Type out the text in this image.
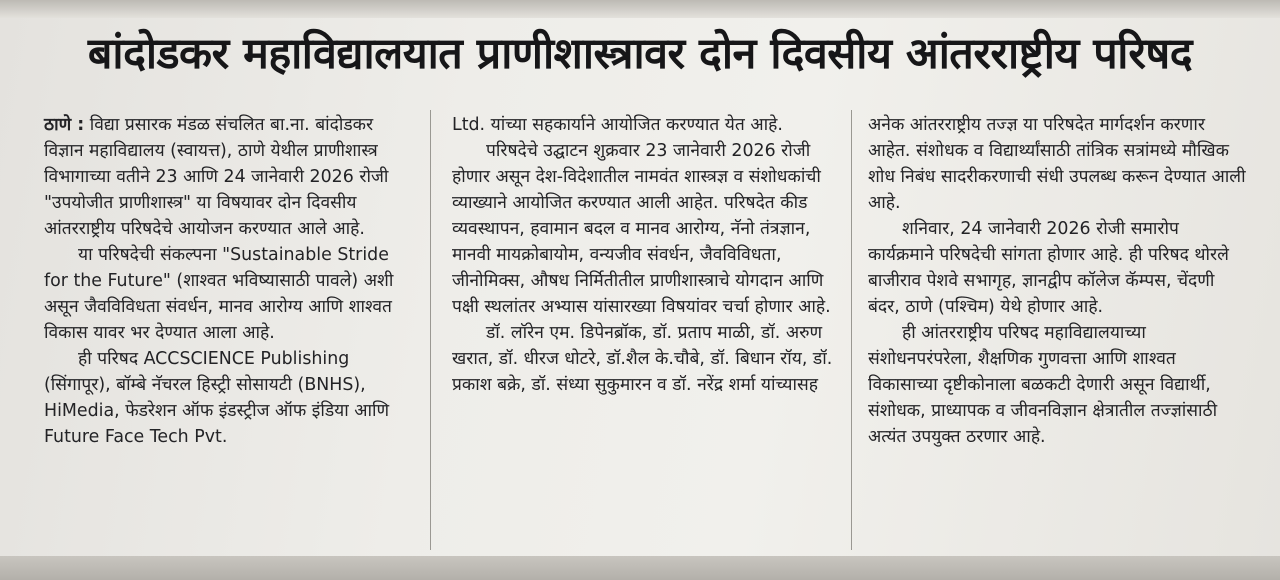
बांदोडकर महाविद्यालयात प्राणीशास्त्रावर दोन दिवसीय आंतरराष्ट्रीय परिषद

ठाणे : विद्या प्रसारक मंडळ संचलित बा.ना. बांदोडकर विज्ञान महाविद्यालय (स्वायत्त), ठाणे येथील प्राणीशास्त्र विभागाच्या वतीने 23 आणि 24 जानेवारी 2026 रोजी "उपयोजीत प्राणीशास्त्र" या विषयावर दोन दिवसीय आंतरराष्ट्रीय परिषदेचे आयोजन करण्यात आले आहे.

या परिषदेची संकल्पना "Sustainable Stride for the Future" (शाश्वत भविष्यासाठी पावले) अशी असून जैवविविधता संवर्धन, मानव आरोग्य आणि शाश्वत विकास यावर भर देण्यात आला आहे.

ही परिषद ACCSCIENCE Publishing (सिंगापूर), बॉम्बे नॅचरल हिस्ट्री सोसायटी (BNHS), HiMedia, फेडरेशन ऑफ इंडस्ट्रीज ऑफ इंडिया आणि Future Face Tech Pvt.

Ltd. यांच्या सहकार्याने आयोजित करण्यात येत आहे.

परिषदेचे उद्घाटन शुक्रवार 23 जानेवारी 2026 रोजी होणार असून देश-विदेशातील नामवंत शास्त्रज्ञ व संशोधकांची व्याख्याने आयोजित करण्यात आली आहेत. परिषदेत कीड व्यवस्थापन, हवामान बदल व मानव आरोग्य, नॅनो तंत्रज्ञान, मानवी मायक्रोबायोम, वन्यजीव संवर्धन, जैवविविधता, जीनोमिक्स, औषध निर्मितीतील प्राणीशास्त्राचे योगदान आणि पक्षी स्थलांतर अभ्यास यांसारख्या विषयांवर चर्चा होणार आहे.

डॉ. लॉरेन एम. डिपेनब्रॉक, डॉ. प्रताप माळी, डॉ. अरुण खरात, डॉ. धीरज धोटरे, डॉ.शैल के.चौबे, डॉ. बिधान रॉय, डॉ. प्रकाश बक्रे, डॉ. संध्या सुकुमारन व डॉ. नरेंद्र शर्मा यांच्यासह

अनेक आंतरराष्ट्रीय तज्ज्ञ या परिषदेत मार्गदर्शन करणार आहेत. संशोधक व विद्यार्थ्यांसाठी तांत्रिक सत्रांमध्ये मौखिक शोध निबंध सादरीकरणाची संधी उपलब्ध करून देण्यात आली आहे.

शनिवार, 24 जानेवारी 2026 रोजी समारोप कार्यक्रमाने परिषदेची सांगता होणार आहे. ही परिषद थोरले बाजीराव पेशवे सभागृह, ज्ञानद्वीप कॉलेज कॅम्पस, चेंदणी बंदर, ठाणे (पश्चिम) येथे होणार आहे.

ही आंतरराष्ट्रीय परिषद महाविद्यालयाच्या संशोधनपरंपरेला, शैक्षणिक गुणवत्ता आणि शाश्वत विकासाच्या दृष्टीकोनाला बळकटी देणारी असून विद्यार्थी, संशोधक, प्राध्यापक व जीवनविज्ञान क्षेत्रातील तज्ज्ञांसाठी अत्यंत उपयुक्त ठरणार आहे.
